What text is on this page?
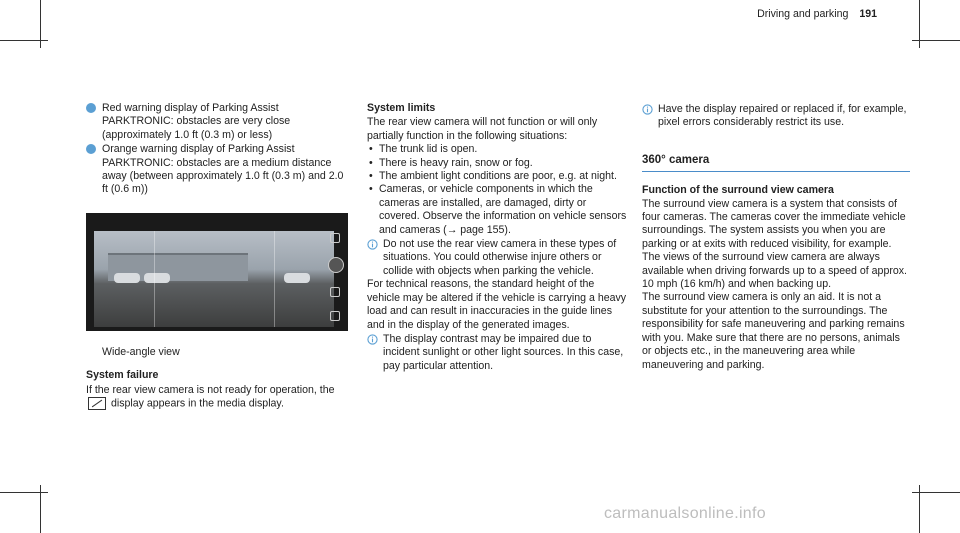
Driving and parking 191

5 Red warning display of Parking Assist PARKTRONIC: obstacles are very close (approximately 1.0 ft (0.3 m) or less)

6 Orange warning display of Parking Assist PARKTRONIC: obstacles are a medium distance away (between approximately 1.0 ft (0.3 m) and 2.0 ft (0.6 m))

Wide-angle view

System failure

If the rear view camera is not ready for operation, the  display appears in the media display.

System limits

The rear view camera will not function or will only partially function in the following situations:

• The trunk lid is open.
• There is heavy rain, snow or fog.
• The ambient light conditions are poor, e.g. at night.
• Cameras, or vehicle components in which the cameras are installed, are damaged, dirty or covered. Observe the information on vehicle sensors and cameras (→ page 155).
Do not use the rear view camera in these types of situations. You could otherwise injure others or collide with objects when parking the vehicle.

For technical reasons, the standard height of the vehicle may be altered if the vehicle is carrying a heavy load and can result in inaccuracies in the guide lines and in the display of the generated images.

The display contrast may be impaired due to incident sunlight or other light sources. In this case, pay particular attention.
Have the display repaired or replaced if, for example, pixel errors considerably restrict its use.
360° camera

Function of the surround view camera

The surround view camera is a system that consists of four cameras. The cameras cover the immediate vehicle surroundings. The system assists you when you are parking or at exits with reduced visibility, for example.

The views of the surround view camera are always available when driving forwards up to a speed of approx. 10 mph (16 km/h) and when backing up.

The surround view camera is only an aid. It is not a substitute for your attention to the surroundings. The responsibility for safe maneuvering and parking remains with you. Make sure that there are no persons, animals or objects etc., in the maneuvering area while maneuvering and parking.

carmanualsonline.info
